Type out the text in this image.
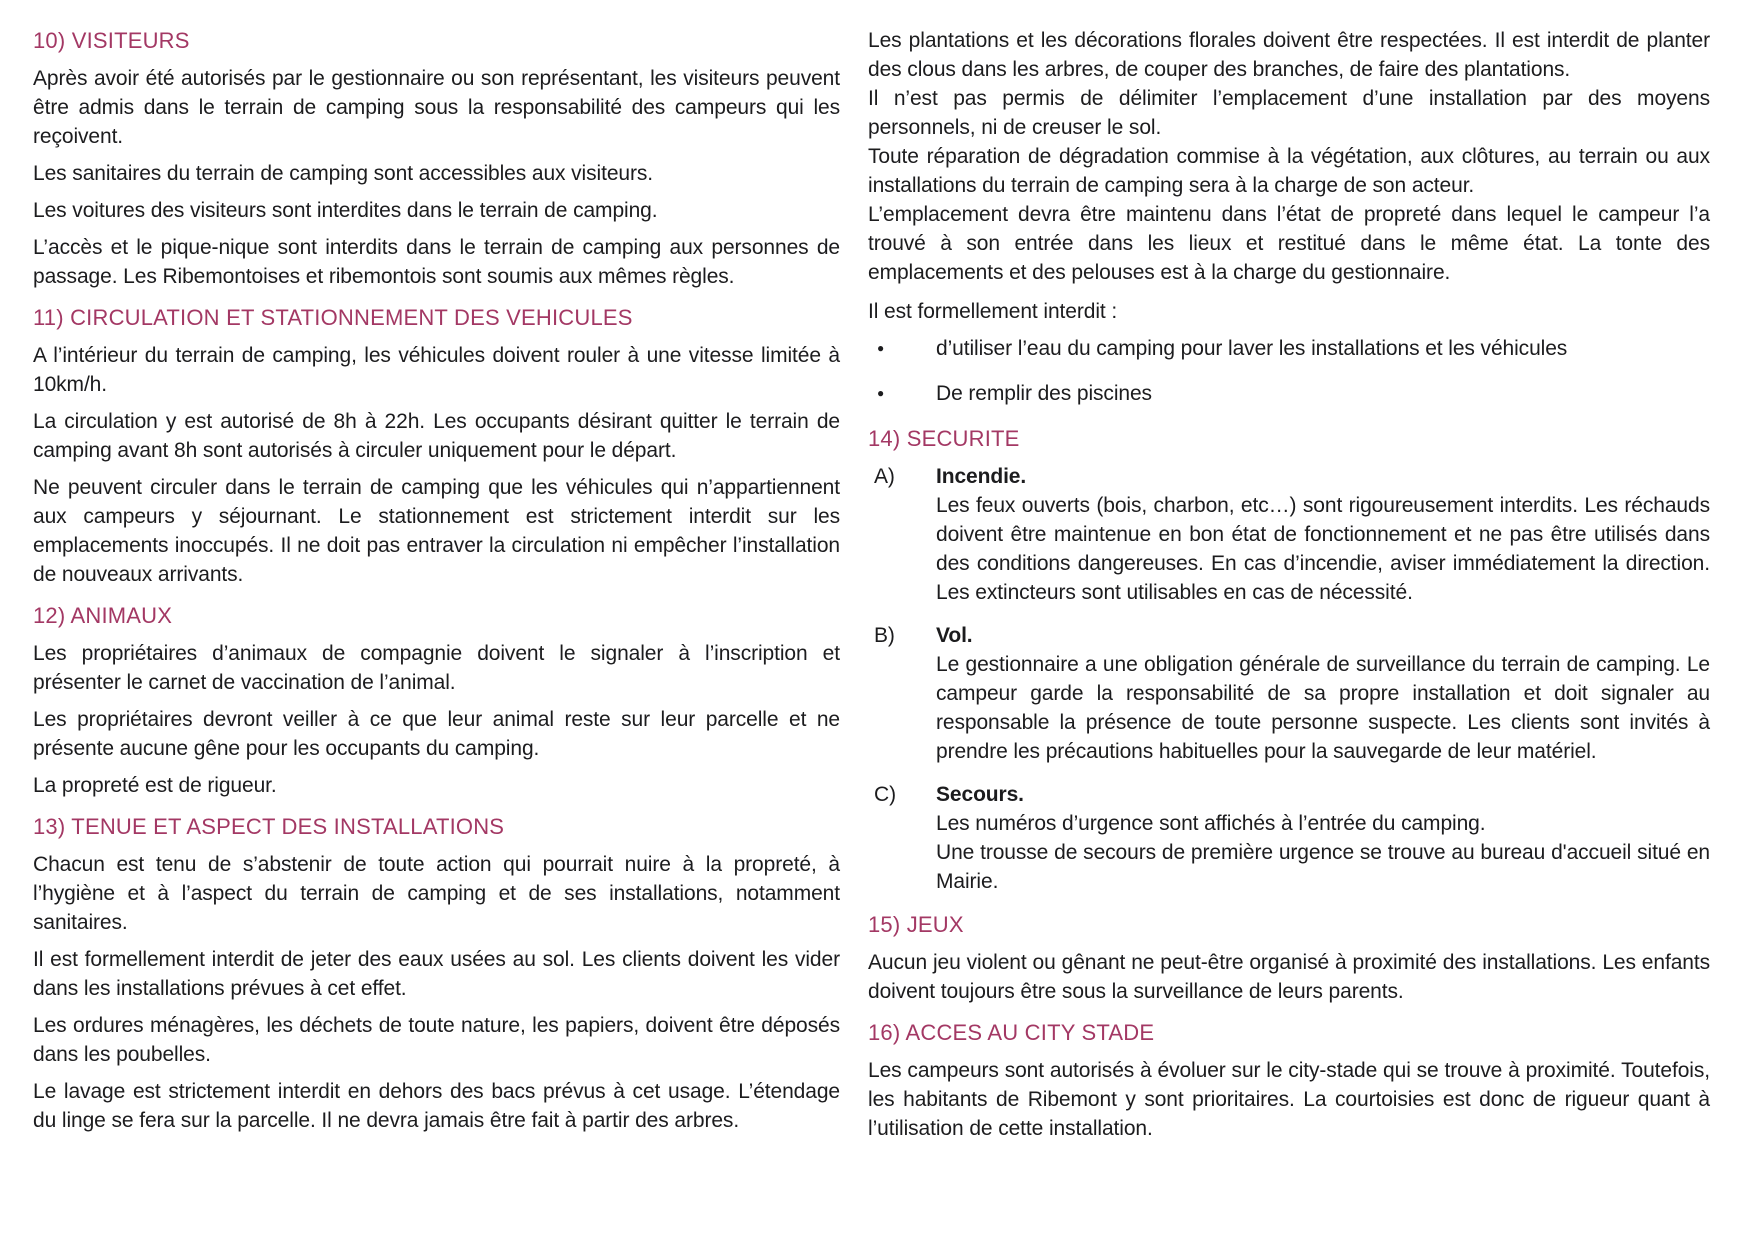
10) VISITEURS

Après avoir été autorisés par le gestionnaire ou son représentant, les visiteurs peuvent être admis dans le terrain de camping sous la responsabilité des campeurs qui les reçoivent.

Les sanitaires du terrain de camping sont accessibles aux visiteurs.

Les voitures des visiteurs sont interdites dans le terrain de camping.

L’accès et le pique-nique sont interdits dans le terrain de camping aux personnes de passage. Les Ribemontoises et ribemontois sont soumis aux mêmes règles.

11) CIRCULATION ET STATIONNEMENT DES VEHICULES

A l’intérieur du terrain de camping, les véhicules doivent rouler à une vitesse limitée à 10km/h.

La circulation y est autorisé de 8h à 22h. Les occupants désirant quitter le terrain de camping avant 8h sont autorisés à circuler uniquement pour le départ.

Ne peuvent circuler dans le terrain de camping que les véhicules qui n’appartiennent aux campeurs y séjournant. Le stationnement est strictement interdit sur les emplacements inoccupés. Il ne doit pas entraver la circulation ni empêcher l’installation de nouveaux arrivants.

12) ANIMAUX

Les propriétaires d’animaux de compagnie doivent le signaler à l’inscription et présenter le carnet de vaccination de l’animal.

Les propriétaires devront veiller à ce que leur animal reste sur leur parcelle et ne présente aucune gêne pour les occupants du camping.

La propreté est de rigueur.

13) TENUE ET ASPECT DES INSTALLATIONS

Chacun est tenu de s’abstenir de toute action qui pourrait nuire à la propreté, à l’hygiène et à l’aspect du terrain de camping et de ses installations, notamment sanitaires.

Il est formellement interdit de jeter des eaux usées au sol. Les clients doivent les vider dans les installations prévues à cet effet.

Les ordures ménagères, les déchets de toute nature, les papiers, doivent être déposés dans les poubelles.

Le lavage est strictement interdit en dehors des bacs prévus à cet usage. L’étendage du linge se fera sur la parcelle. Il ne devra jamais être fait à partir des arbres.

Les plantations et les décorations florales doivent être respectées. Il est interdit de planter des clous dans les arbres, de couper des branches, de faire des plantations.

Il n’est pas permis de délimiter l’emplacement d’une installation par des moyens personnels, ni de creuser le sol.

Toute réparation de dégradation commise à la végétation, aux clôtures, au terrain ou aux installations du terrain de camping sera à la charge de son acteur.

L’emplacement devra être maintenu dans l’état de propreté dans lequel le campeur l’a trouvé à son entrée dans les lieux et restitué dans le même état. La tonte des emplacements et des pelouses est à la charge du gestionnaire.

Il est formellement interdit :

●	d’utiliser l’eau du camping pour laver les installations et les véhicules
●	De remplir des piscines
14) SECURITE
A)	Incendie.

Les feux ouverts (bois, charbon, etc…) sont rigoureusement interdits. Les réchauds doivent être maintenue en bon état de fonctionnement et ne pas être utilisés dans des conditions dangereuses. En cas d’incendie, aviser immédiatement la direction. Les extincteurs sont utilisables en cas de nécessité.

B)	Vol.

Le gestionnaire a une obligation générale de surveillance du terrain de camping. Le campeur garde la responsabilité de sa propre installation et doit signaler au responsable la présence de toute personne suspecte. Les clients sont invités à prendre les précautions habituelles pour la sauvegarde de leur matériel.

C)	Secours.

Les numéros d’urgence sont affichés à l’entrée du camping.

Une trousse de secours de première urgence se trouve au bureau d'accueil situé en Mairie.

15) JEUX

Aucun jeu violent ou gênant ne peut-être organisé à proximité des installations. Les enfants doivent toujours être sous la surveillance de leurs parents.

16) ACCES AU CITY STADE

Les campeurs sont autorisés à évoluer sur le city-stade qui se trouve à proximité. Toutefois, les habitants de Ribemont y sont prioritaires. La courtoisies est donc de rigueur quant à l’utilisation de cette installation.
